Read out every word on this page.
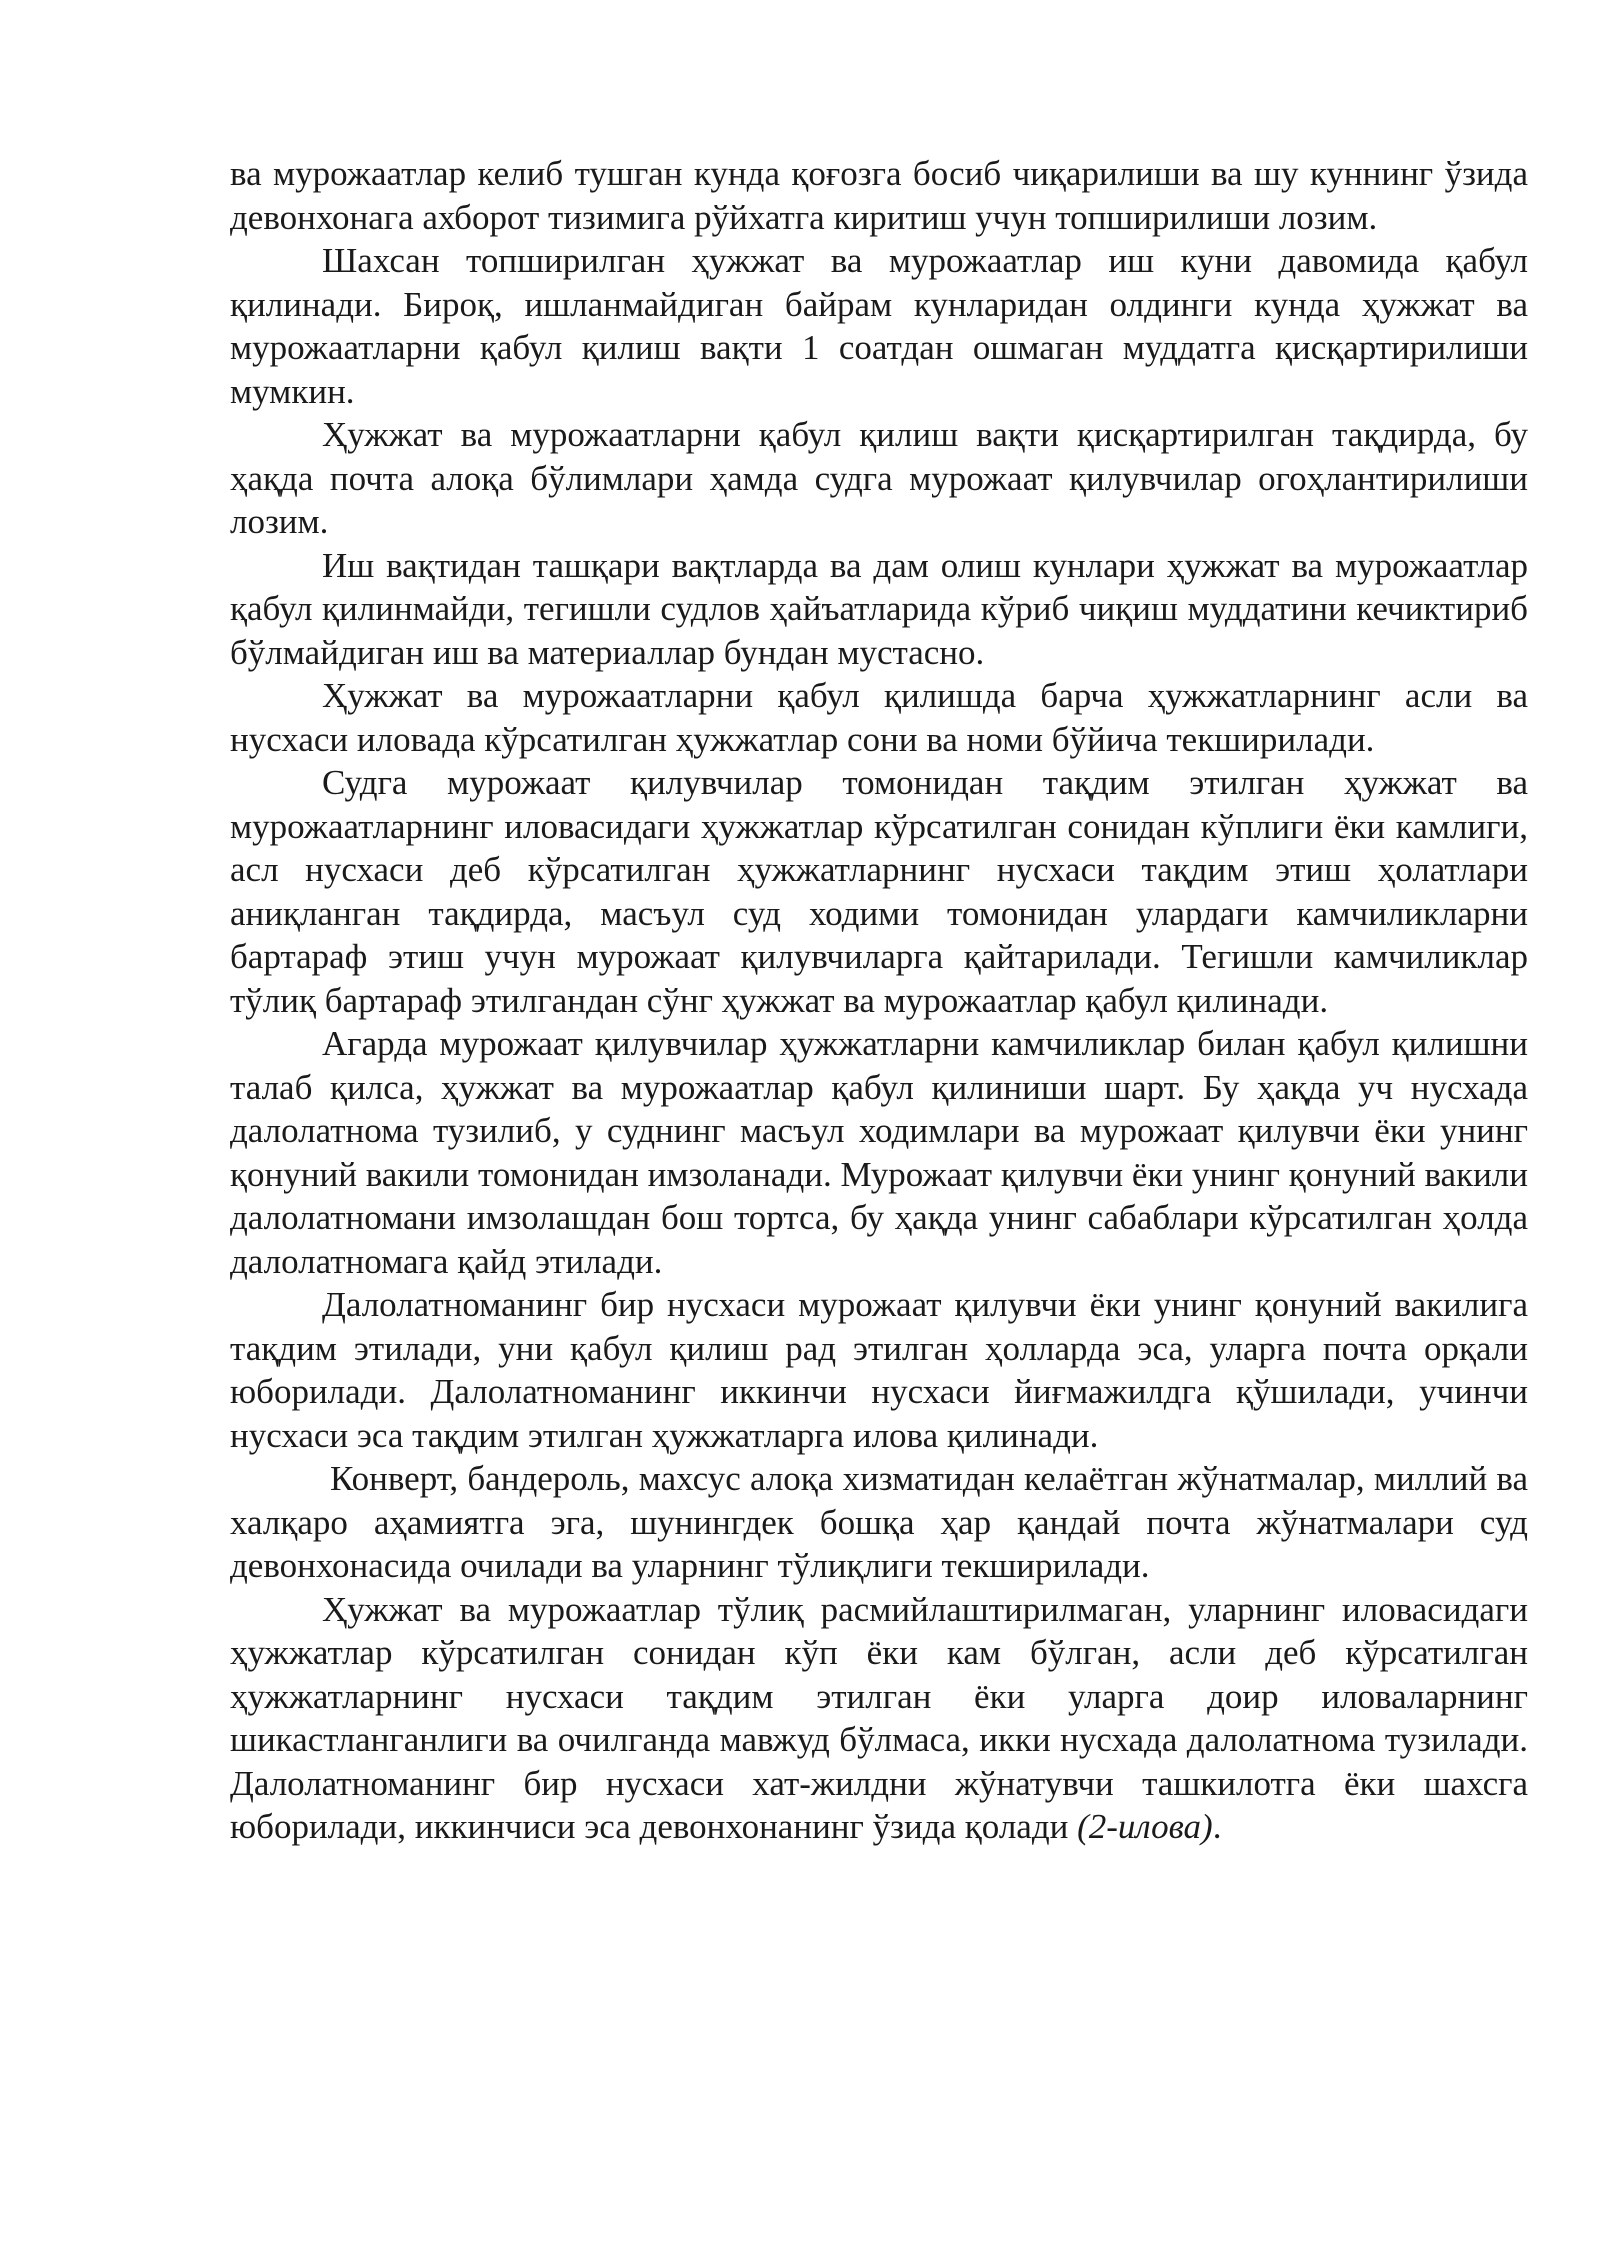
ва мурожаатлар келиб тушган кунда қоғозга босиб чиқарилиши ва шу куннинг ўзида девонхонага ахборот тизимига рўйхатга киритиш учун топширилиши лозим.

Шахсан топширилган ҳужжат ва мурожаатлар иш куни давомида қабул қилинади. Бироқ, ишланмайдиган байрам кунларидан олдинги кунда ҳужжат ва мурожаатларни қабул қилиш вақти 1 соатдан ошмаган муддатга қисқартирилиши мумкин.

Ҳужжат ва мурожаатларни қабул қилиш вақти қисқартирилган тақдирда, бу ҳақда почта алоқа бўлимлари ҳамда судга мурожаат қилувчилар огоҳлантирилиши лозим.

Иш вақтидан ташқари вақтларда ва дам олиш кунлари ҳужжат ва мурожаатлар қабул қилинмайди, тегишли судлов ҳайъатларида кўриб чиқиш муддатини кечиктириб бўлмайдиган иш ва материаллар бундан мустасно.

Ҳужжат ва мурожаатларни қабул қилишда барча ҳужжатларнинг асли ва нусхаси иловада кўрсатилган ҳужжатлар сони ва номи бўйича текширилади.

Судга мурожаат қилувчилар томонидан тақдим этилган ҳужжат ва мурожаатларнинг иловасидаги ҳужжатлар кўрсатилган сонидан кўплиги ёки камлиги, асл нусхаси деб кўрсатилган ҳужжатларнинг нусхаси тақдим этиш ҳолатлари аниқланган тақдирда, масъул суд ходими томонидан улардаги камчиликларни бартараф этиш учун мурожаат қилувчиларга қайтарилади. Тегишли камчиликлар тўлиқ бартараф этилгандан сўнг ҳужжат ва мурожаатлар қабул қилинади.

Агарда мурожаат қилувчилар ҳужжатларни камчиликлар билан қабул қилишни талаб қилса, ҳужжат ва мурожаатлар қабул қилиниши шарт. Бу ҳақда уч нусхада далолатнома тузилиб, у суднинг масъул ходимлари ва мурожаат қилувчи ёки унинг қонуний вакили томонидан имзоланади. Мурожаат қилувчи ёки унинг қонуний вакили далолатномани имзолашдан бош тортса, бу ҳақда унинг сабаблари кўрсатилган ҳолда далолатномага қайд этилади.

Далолатноманинг бир нусхаси мурожаат қилувчи ёки унинг қонуний вакилига тақдим этилади, уни қабул қилиш рад этилган ҳолларда эса, уларга почта орқали юборилади. Далолатноманинг иккинчи нусхаси йиғмажилдга қўшилади, учинчи нусхаси эса тақдим этилган ҳужжатларга илова қилинади.

Конверт, бандероль, махсус алоқа хизматидан келаётган жўнатмалар, миллий ва халқаро аҳамиятга эга, шунингдек бошқа ҳар қандай почта жўнатмалари суд девонхонасида очилади ва уларнинг тўлиқлиги текширилади.

Ҳужжат ва мурожаатлар тўлиқ расмийлаштирилмаган, уларнинг иловасидаги ҳужжатлар кўрсатилган сонидан кўп ёки кам бўлган, асли деб кўрсатилган ҳужжатларнинг нусхаси тақдим этилган ёки уларга доир иловаларнинг шикастланганлиги ва очилганда мавжуд бўлмаса, икки нусхада далолатнома тузилади. Далолатноманинг бир нусхаси хат-жилдни жўнатувчи ташкилотга ёки шахсга юборилади, иккинчиси эса девонхонанинг ўзида қолади (2-илова).
